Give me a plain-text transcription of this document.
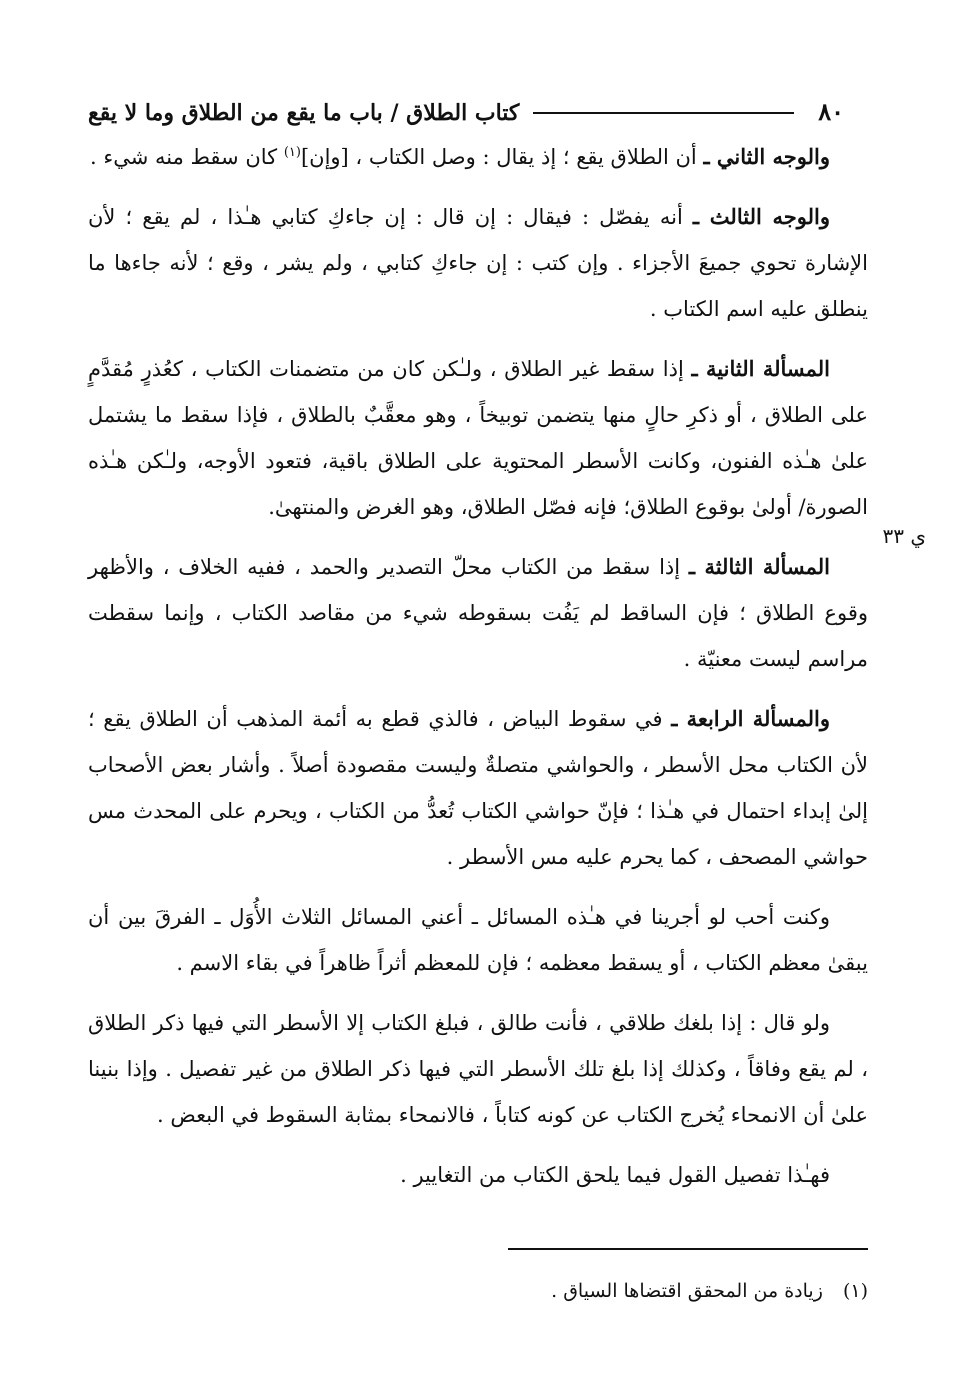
٨٠
كتاب الطلاق / باب ما يقع من الطلاق وما لا يقع
ي ٣٣

والوجه الثاني ـ أن الطلاق يقع ؛ إذ يقال : وصل الكتاب ، [وإن]$^{(١)}$ كان سقط منه شيء .

والوجه الثالث ـ أنه يفصّل : فيقال : إن قال : إن جاءكِ كتابي هـٰذا ، لم يقع ؛ لأن الإشارة تحوي جميعَ الأجزاء . وإن كتب : إن جاءكِ كتابي ، ولم يشر ، وقع ؛ لأنه جاءها ما ينطلق عليه اسم الكتاب .

المسألة الثانية ـ إذا سقط غير الطلاق ، ولـٰكن كان من متضمنات الكتاب ، كعُذرٍ مُقدَّمٍ على الطلاق ، أو ذكرِ حالٍ منها يتضمن توبيخاً ، وهو معقَّبٌ بالطلاق ، فإذا سقط ما يشتمل علىٰ هـٰذه الفنون، وكانت الأسطر المحتوية على الطلاق باقية، فتعود الأوجه، ولـٰكن هـٰذه الصورة/ أولىٰ بوقوع الطلاق؛ فإنه فصّل الطلاق، وهو الغرض والمنتهىٰ.

المسألة الثالثة ـ إذا سقط من الكتاب محلّ التصدير والحمد ، ففيه الخلاف ، والأظهر وقوع الطلاق ؛ فإن الساقط لم يَفُت بسقوطه شيء من مقاصد الكتاب ، وإنما سقطت مراسم ليست معنيّة .

والمسألة الرابعة ـ في سقوط البياض ، فالذي قطع به أئمة المذهب أن الطلاق يقع ؛ لأن الكتاب محل الأسطر ، والحواشي متصلةٌ وليست مقصودة أصلاً . وأشار بعض الأصحاب إلىٰ إبداء احتمال في هـٰذا ؛ فإنّ حواشي الكتاب تُعدُّ من الكتاب ، ويحرم على المحدث مس حواشي المصحف ، كما يحرم عليه مس الأسطر .

وكنت أحب لو أجرينا في هـٰذه المسائل ـ أعني المسائل الثلاث الأُوَل ـ الفرقَ بين أن يبقىٰ معظم الكتاب ، أو يسقط معظمه ؛ فإن للمعظم أثراً ظاهراً في بقاء الاسم .

ولو قال : إذا بلغك طلاقي ، فأنت طالق ، فبلغ الكتاب إلا الأسطر التي فيها ذكر الطلاق ، لم يقع وفاقاً ، وكذلك إذا بلغ تلك الأسطر التي فيها ذكر الطلاق من غير تفصيل . وإذا بنينا علىٰ أن الانمحاء يُخرج الكتاب عن كونه كتاباً ، فالانمحاء بمثابة السقوط في البعض .

فهـٰذا تفصيل القول فيما يلحق الكتاب من التغايير .

(١) زيادة من المحقق اقتضاها السياق .
